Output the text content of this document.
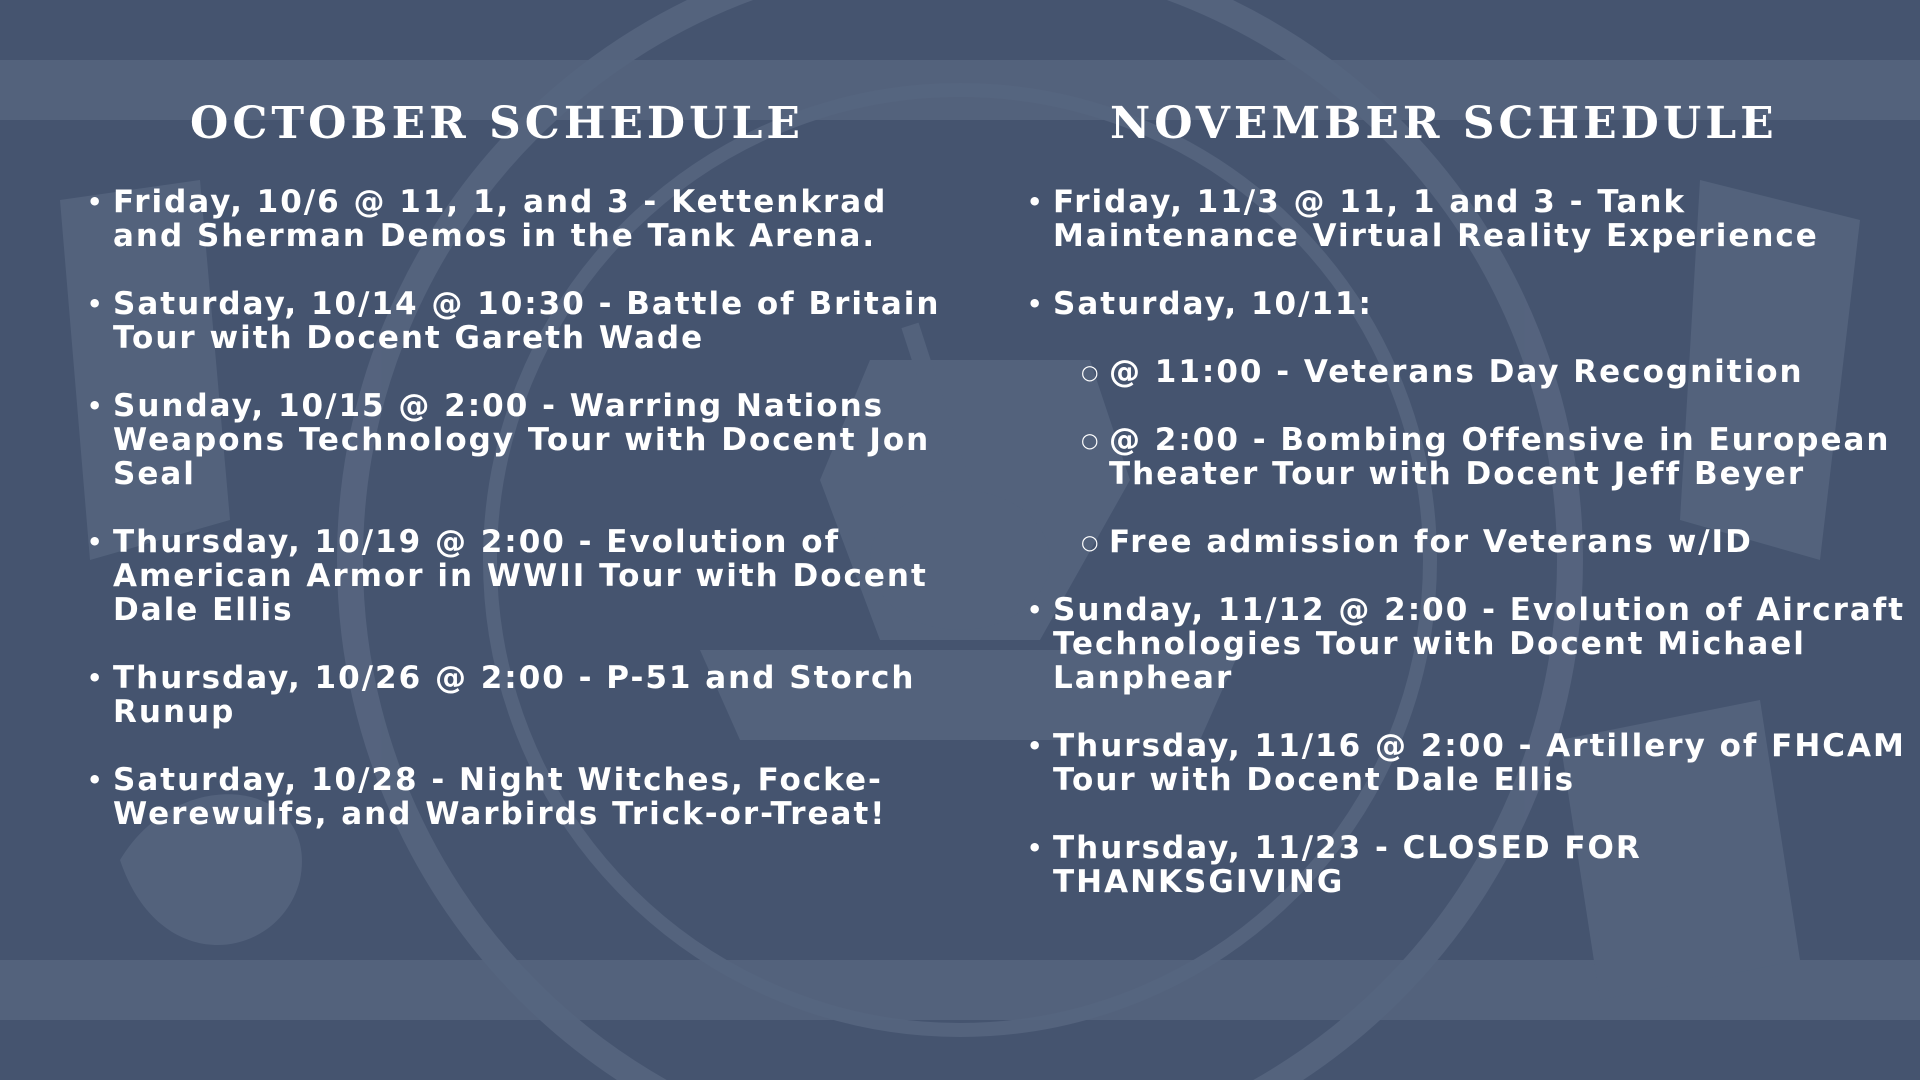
OCTOBER SCHEDULE
• Friday, 10/6 @ 11, 1, and 3 - Kettenkrad and Sherman Demos in the Tank Arena.
• Saturday, 10/14 @ 10:30 - Battle of Britain Tour with Docent Gareth Wade
• Sunday, 10/15 @ 2:00 - Warring Nations Weapons Technology Tour with Docent Jon Seal
• Thursday, 10/19 @ 2:00 - Evolution of American Armor in WWII Tour with Docent Dale Ellis
• Thursday, 10/26 @ 2:00 - P-51 and Storch Runup
• Saturday, 10/28 - Night Witches, Focke-Werewulfs, and Warbirds Trick-or-Treat!
NOVEMBER SCHEDULE
• Friday, 11/3 @ 11, 1 and 3 - Tank Maintenance Virtual Reality Experience
• Saturday, 10/11:
○ @ 11:00 - Veterans Day Recognition
○ @ 2:00 - Bombing Offensive in European Theater Tour with Docent Jeff Beyer
○ Free admission for Veterans w/ID
• Sunday, 11/12 @ 2:00 - Evolution of Aircraft Technologies Tour with Docent Michael Lanphear
• Thursday, 11/16 @ 2:00 - Artillery of FHCAM Tour with Docent Dale Ellis
• Thursday, 11/23 - CLOSED FOR THANKSGIVING
